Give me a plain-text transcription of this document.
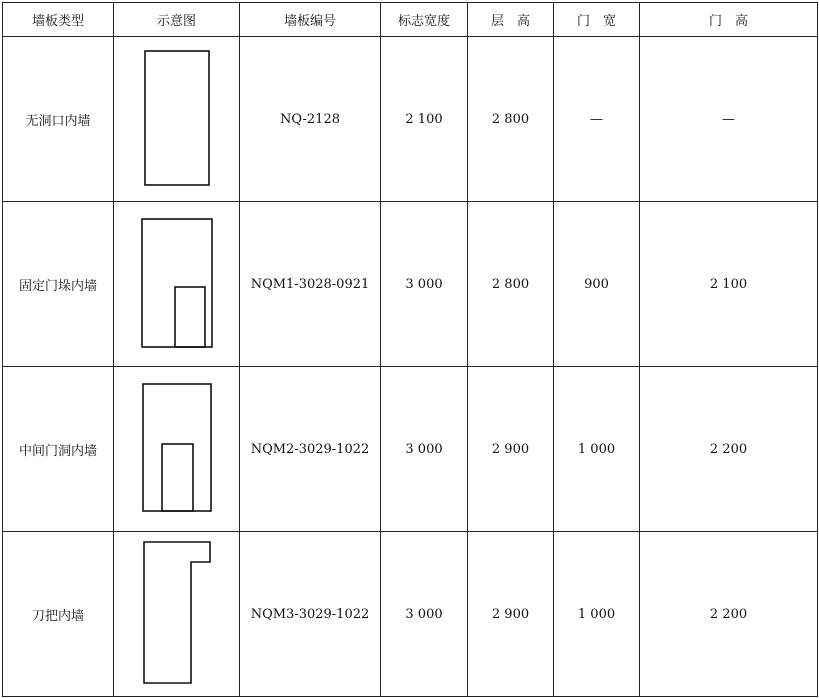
墙板类型	示意图	墙板编号	标志宽度	层　高	门　宽	门　高
无洞口内墙		NQ-2128	2 100	2 800	—	—
固定门垛内墙		NQM1-3028-0921	3 000	2 800	900	2 100
中间门洞内墙		NQM2-3029-1022	3 000	2 900	1 000	2 200
刀把内墙		NQM3-3029-1022	3 000	2 900	1 000	2 200
